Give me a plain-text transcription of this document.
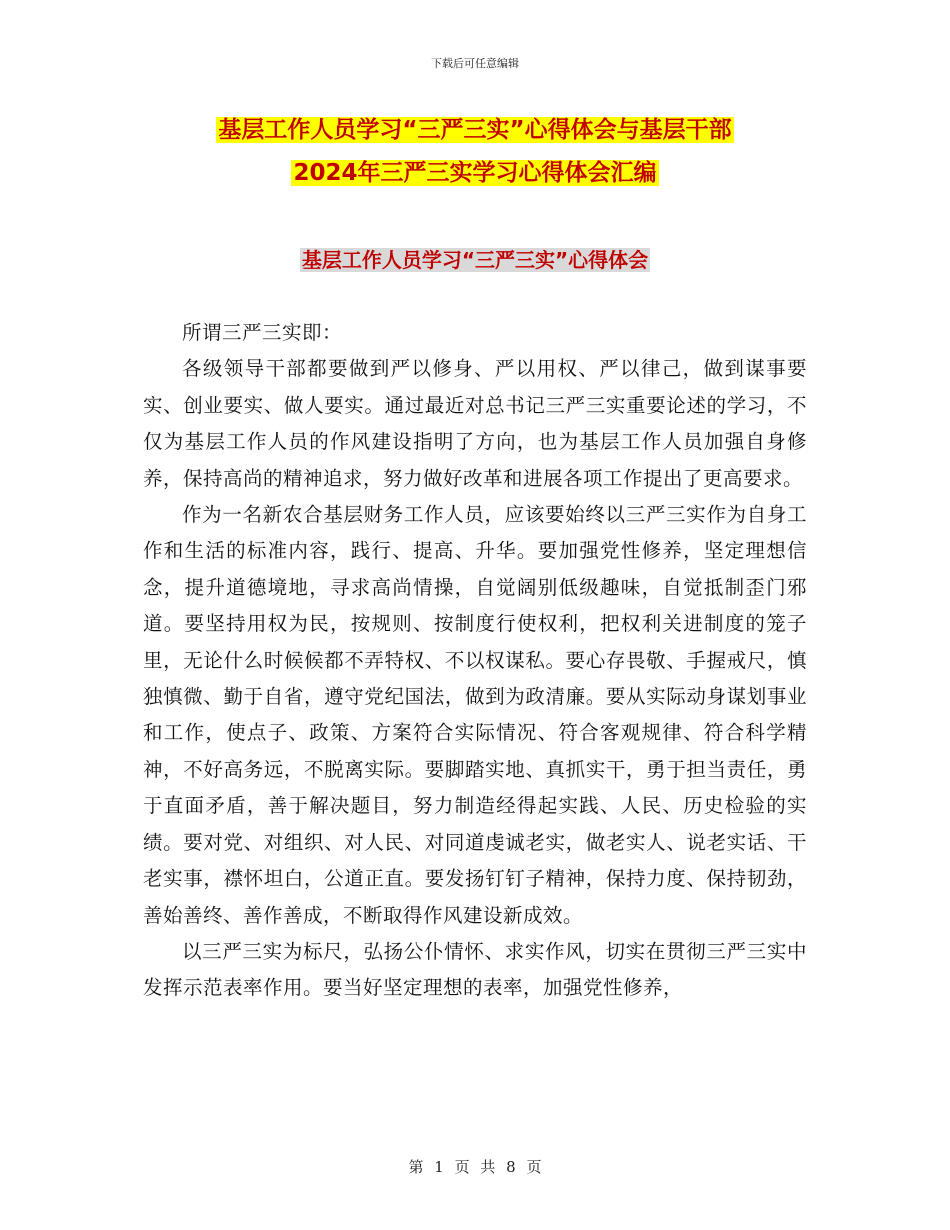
下载后可任意编辑
基层工作人员学习“三严三实”心得体会与基层干部
2024年三严三实学习心得体会汇编
基层工作人员学习“三严三实”心得体会

所谓三严三实即：

各级领导干部都要做到严以修身、严以用权、严以律己，做到谋事要实、创业要实、做人要实。通过最近对总书记三严三实重要论述的学习，不仅为基层工作人员的作风建设指明了方向，也为基层工作人员加强自身修养，保持高尚的精神追求，努力做好改革和进展各项工作提出了更高要求。

作为一名新农合基层财务工作人员，应该要始终以三严三实作为自身工作和生活的标准内容，践行、提高、升华。要加强党性修养，坚定理想信念，提升道德境地，寻求高尚情操，自觉阔别低级趣味，自觉抵制歪门邪道。要坚持用权为民，按规则、按制度行使权利，把权利关进制度的笼子里，无论什么时候候都不弄特权、不以权谋私。要心存畏敬、手握戒尺，慎独慎微、勤于自省，遵守党纪国法，做到为政清廉。要从实际动身谋划事业和工作，使点子、政策、方案符合实际情况、符合客观规律、符合科学精神，不好高务远，不脱离实际。要脚踏实地、真抓实干，勇于担当责任，勇于直面矛盾，善于解决题目，努力制造经得起实践、人民、历史检验的实绩。要对党、对组织、对人民、对同道虔诚老实，做老实人、说老实话、干老实事，襟怀坦白，公道正直。要发扬钉钉子精神，保持力度、保持韧劲，善始善终、善作善成，不断取得作风建设新成效。

以三严三实为标尺，弘扬公仆情怀、求实作风，切实在贯彻三严三实中发挥示范表率作用。要当好坚定理想的表率，加强党性修养，

第 1 页 共 8 页
